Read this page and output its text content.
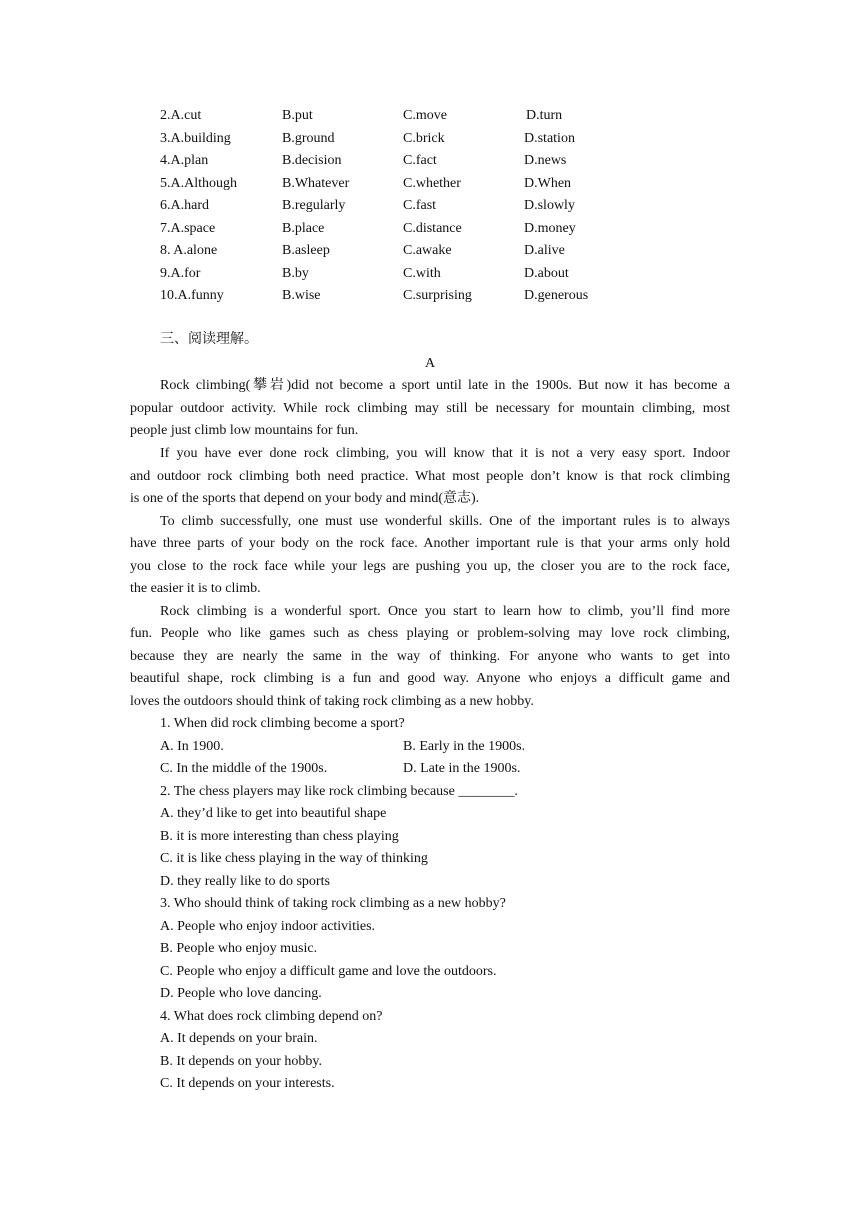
2.A.cut	B.put	C.move	D.turn
3.A.building	B.ground	C.brick	D.station
4.A.plan	B.decision	C.fact	D.news
5.A.Although	B.Whatever	C.whether	D.When
6.A.hard	B.regularly	C.fast	D.slowly
7.A.space	B.place	C.distance	D.money
8. A.alone	B.asleep	C.awake	D.alive
9.A.for	B.by	C.with	D.about
10.A.funny	B.wise	C.surprising	D.generous
三、阅读理解。
A
Rock climbing(攀岩)did not become a sport until late in the 1900s. But now it has become a
popular outdoor activity. While rock climbing may still be necessary for mountain climbing, most
people just climb low mountains for fun.
If you have ever done rock climbing, you will know that it is not a very easy sport. Indoor
and outdoor rock climbing both need practice. What most people don’t know is that rock climbing
is one of the sports that depend on your body and mind(意志).
To climb successfully, one must use wonderful skills. One of the important rules is to always
have three parts of your body on the rock face. Another important rule is that your arms only hold
you close to the rock face while your legs are pushing you up, the closer you are to the rock face,
the easier it is to climb.
Rock climbing is a wonderful sport. Once you start to learn how to climb, you’ll find more
fun. People who like games such as chess playing or problem-solving may love rock climbing,
because they are nearly the same in the way of thinking. For anyone who wants to get into
beautiful shape, rock climbing is a fun and good way. Anyone who enjoys a difficult game and
loves the outdoors should think of taking rock climbing as a new hobby.
1. When did rock climbing become a sport?
A. In 1900.	B. Early in the 1900s.
C. In the middle of the 1900s.	D. Late in the 1900s.
2. The chess players may like rock climbing because ________.
A. they’d like to get into beautiful shape
B. it is more interesting than chess playing
C. it is like chess playing in the way of thinking
D. they really like to do sports
3. Who should think of taking rock climbing as a new hobby?
A. People who enjoy indoor activities.
B. People who enjoy music.
C. People who enjoy a difficult game and love the outdoors.
D. People who love dancing.
4. What does rock climbing depend on?
A. It depends on your brain.
B. It depends on your hobby.
C. It depends on your interests.
